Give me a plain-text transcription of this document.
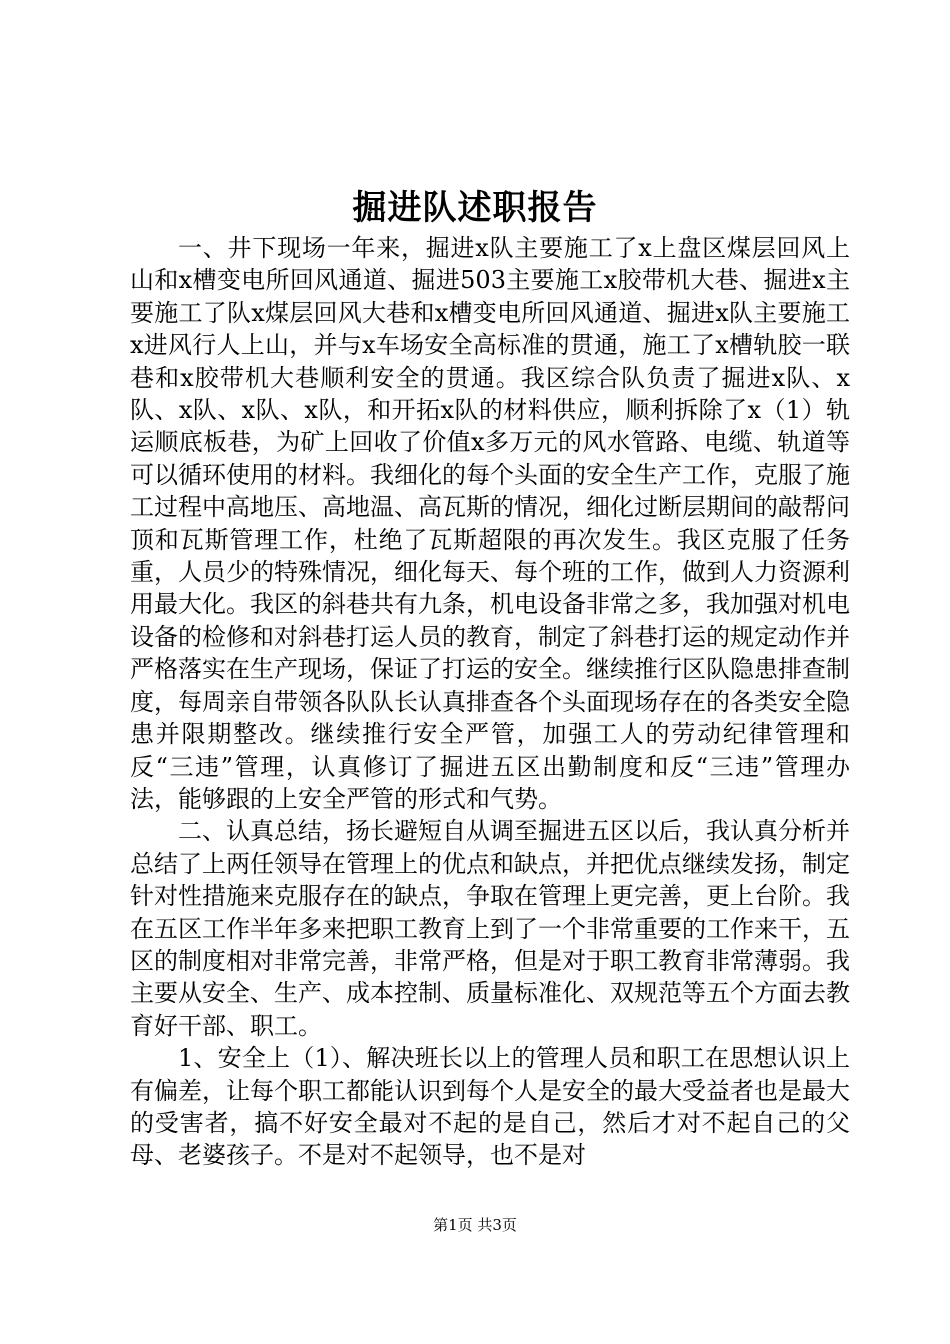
掘进队述职报告

一、井下现场一年来，掘进x队主要施工了x上盘区煤层回风上山和x槽变电所回风通道、掘进503主要施工x胶带机大巷、掘进x主要施工了队x煤层回风大巷和x槽变电所回风通道、掘进x队主要施工x进风行人上山，并与x车场安全高标准的贯通，施工了x槽轨胶一联巷和x胶带机大巷顺利安全的贯通。我区综合队负责了掘进x队、x队、x队、x队、x队，和开拓x队的材料供应，顺利拆除了x（1）轨运顺底板巷，为矿上回收了价值x多万元的风水管路、电缆、轨道等可以循环使用的材料。我细化的每个头面的安全生产工作，克服了施工过程中高地压、高地温、高瓦斯的情况，细化过断层期间的敲帮问顶和瓦斯管理工作，杜绝了瓦斯超限的再次发生。我区克服了任务重，人员少的特殊情况，细化每天、每个班的工作，做到人力资源利用最大化。我区的斜巷共有九条，机电设备非常之多，我加强对机电设备的检修和对斜巷打运人员的教育，制定了斜巷打运的规定动作并严格落实在生产现场，保证了打运的安全。继续推行区队隐患排查制度，每周亲自带领各队队长认真排查各个头面现场存在的各类安全隐患并限期整改。继续推行安全严管，加强工人的劳动纪律管理和反“三违”管理，认真修订了掘进五区出勤制度和反“三违”管理办法，能够跟的上安全严管的形式和气势。

二、认真总结，扬长避短自从调至掘进五区以后，我认真分析并总结了上两任领导在管理上的优点和缺点，并把优点继续发扬，制定针对性措施来克服存在的缺点，争取在管理上更完善，更上台阶。我在五区工作半年多来把职工教育上到了一个非常重要的工作来干，五区的制度相对非常完善，非常严格，但是对于职工教育非常薄弱。我主要从安全、生产、成本控制、质量标准化、双规范等五个方面去教育好干部、职工。

1、安全上（1）、解决班长以上的管理人员和职工在思想认识上有偏差，让每个职工都能认识到每个人是安全的最大受益者也是最大的受害者，搞不好安全最对不起的是自己，然后才对不起自己的父母、老婆孩子。不是对不起领导，也不是对

第1页 共3页
